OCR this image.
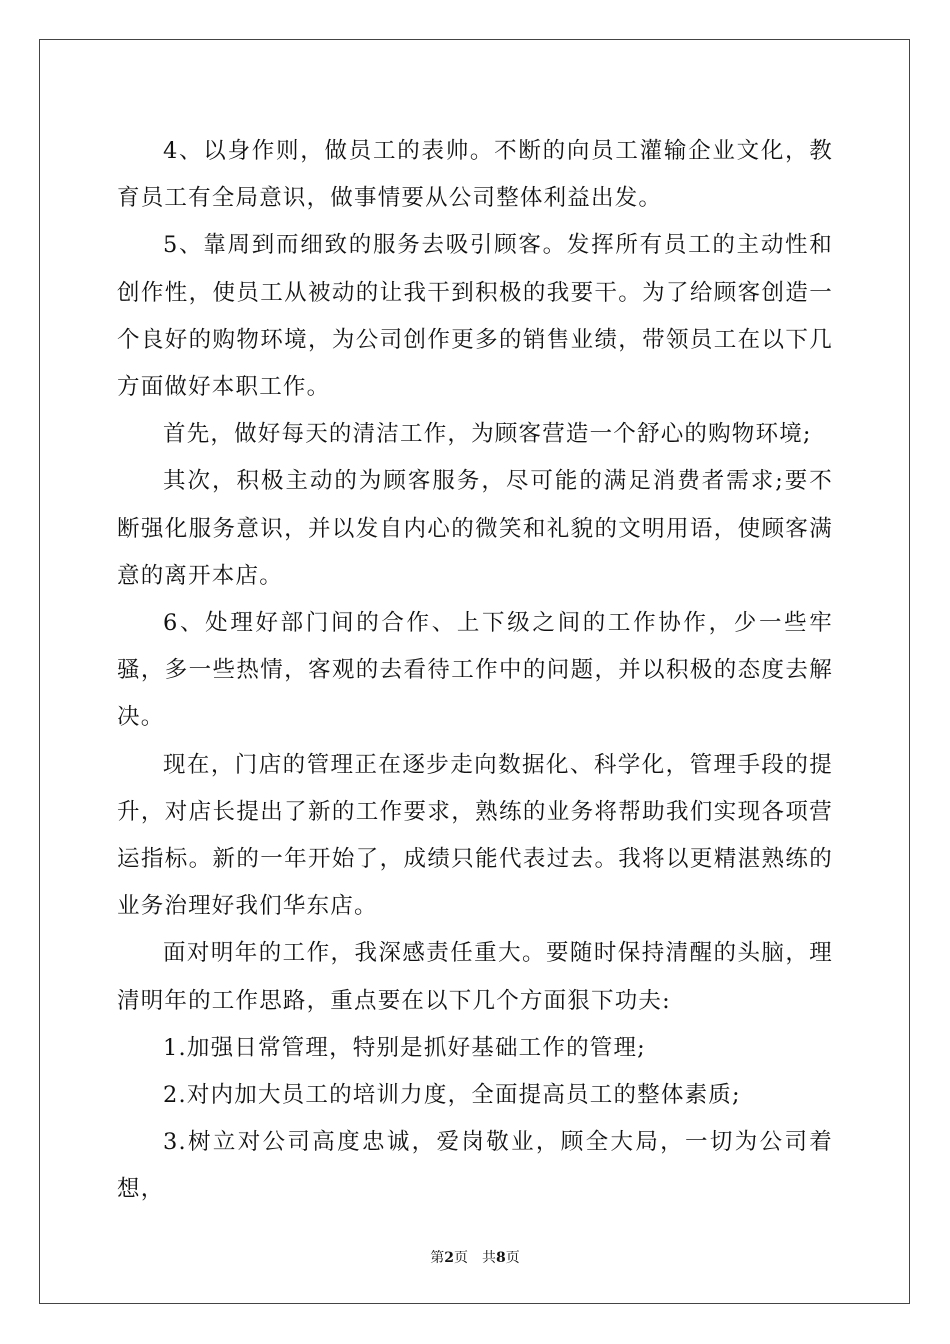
4、以身作则，做员工的表帅。不断的向员工灌输企业文化，教育员工有全局意识，做事情要从公司整体利益出发。

5、靠周到而细致的服务去吸引顾客。发挥所有员工的主动性和创作性，使员工从被动的让我干到积极的我要干。为了给顾客创造一个良好的购物环境，为公司创作更多的销售业绩，带领员工在以下几方面做好本职工作。

首先，做好每天的清洁工作，为顾客营造一个舒心的购物环境;

其次，积极主动的为顾客服务，尽可能的满足消费者需求;要不断强化服务意识，并以发自内心的微笑和礼貌的文明用语，使顾客满意的离开本店。

6、处理好部门间的合作、上下级之间的工作协作，少一些牢骚，多一些热情，客观的去看待工作中的问题，并以积极的态度去解决。

现在，门店的管理正在逐步走向数据化、科学化，管理手段的提升，对店长提出了新的工作要求，熟练的业务将帮助我们实现各项营运指标。新的一年开始了，成绩只能代表过去。我将以更精湛熟练的业务治理好我们华东店。

面对明年的工作，我深感责任重大。要随时保持清醒的头脑，理清明年的工作思路，重点要在以下几个方面狠下功夫:

1.加强日常管理，特别是抓好基础工作的管理;

2.对内加大员工的培训力度，全面提高员工的整体素质;

3.树立对公司高度忠诚，爱岗敬业，顾全大局，一切为公司着想，

第2页 共8页
